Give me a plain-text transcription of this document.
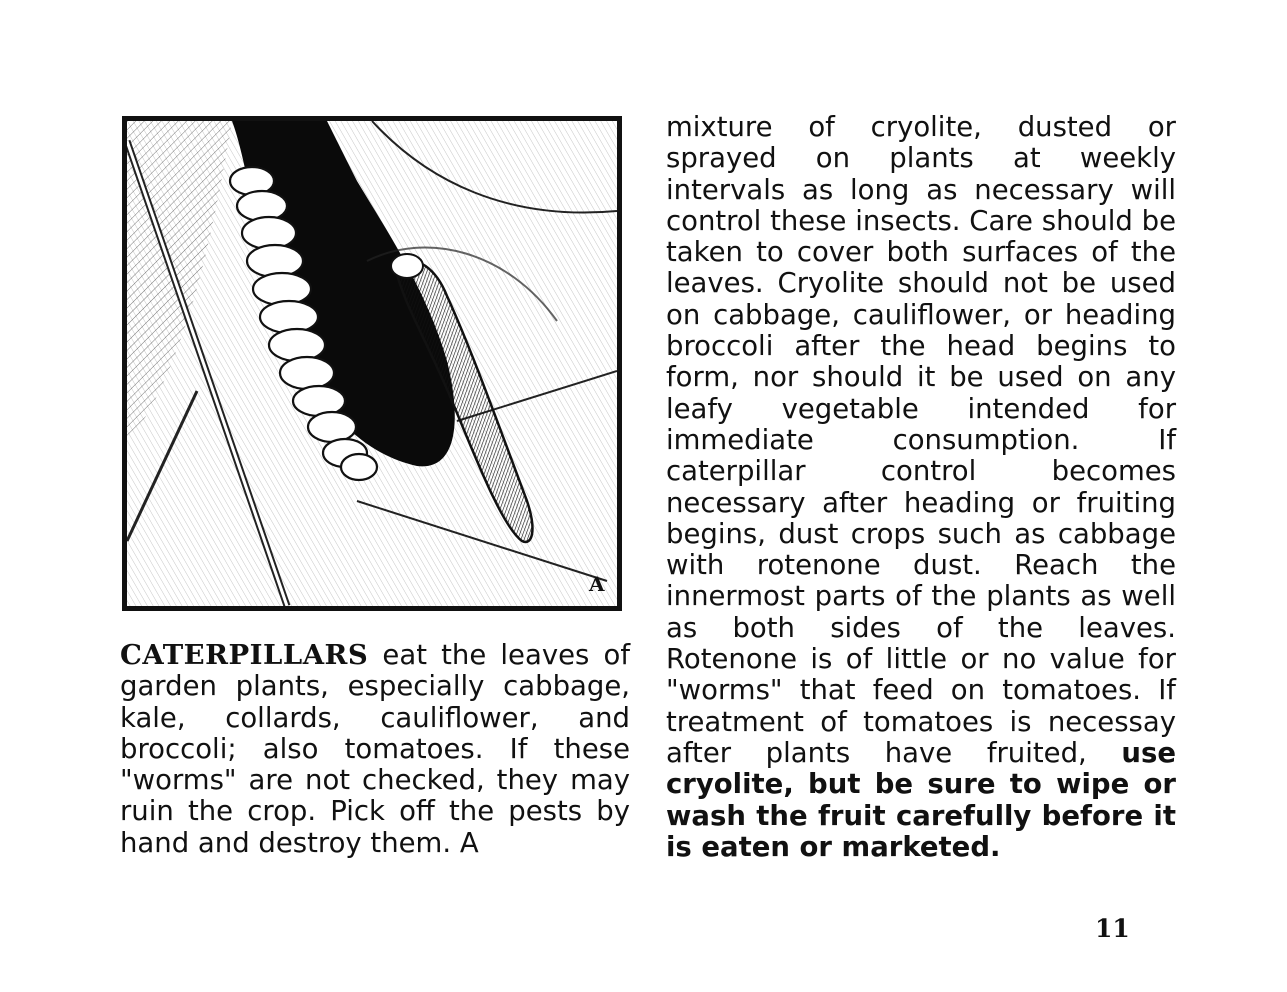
A
CATERPILLARS eat the leaves of garden plants, especially cabbage, kale, collards, cauliflower, and broccoli; also tomatoes. If these "worms" are not checked, they may ruin the crop. Pick off the pests by hand and destroy them. A
mixture of cryolite, dusted or sprayed on plants at weekly intervals as long as necessary will control these insects. Care should be taken to cover both surfaces of the leaves. Cryolite should not be used on cabbage, cauliflower, or heading broccoli after the head begins to form, nor should it be used on any leafy vegetable intended for immediate consumption. If caterpillar control becomes necessary after heading or fruiting begins, dust crops such as cabbage with rotenone dust. Reach the innermost parts of the plants as well as both sides of the leaves. Rotenone is of little or no value for "worms" that feed on tomatoes. If treatment of tomatoes is necessay after plants have fruited, use cryolite, but be sure to wipe or wash the fruit carefully before it is eaten or marketed.
11
